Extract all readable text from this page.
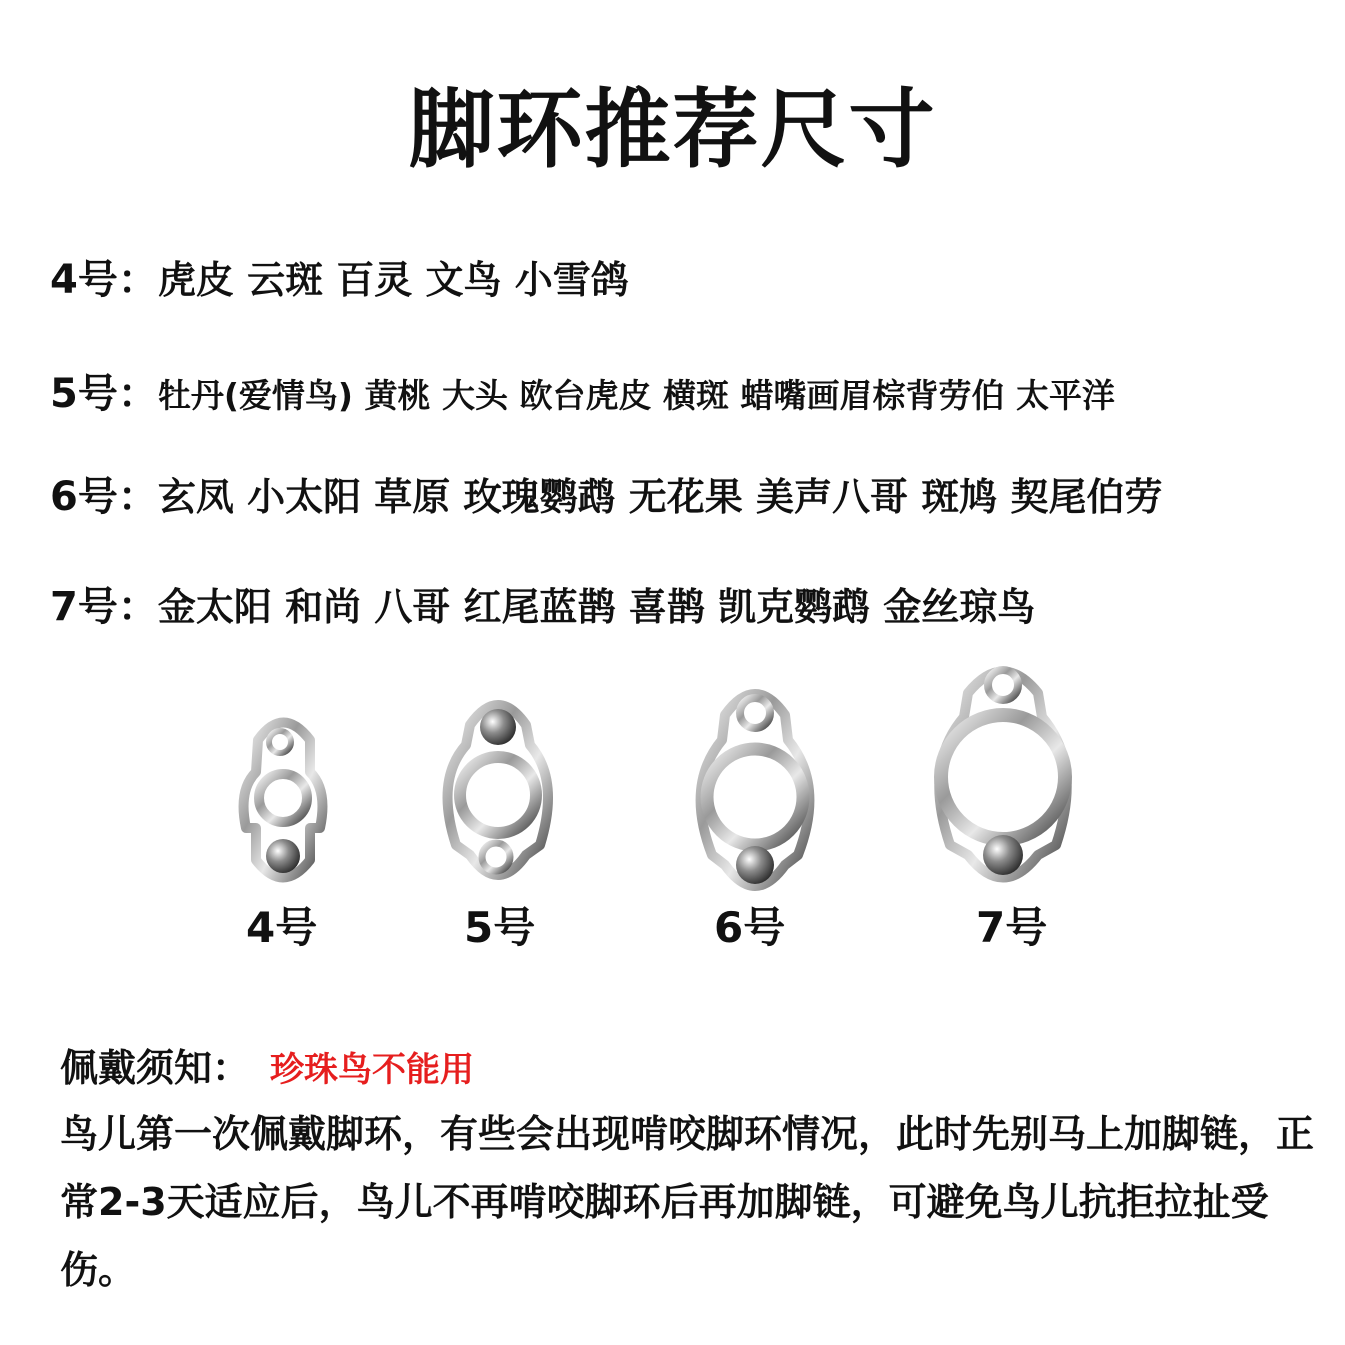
脚环推荐尺寸
4号：虎皮 云斑 百灵 文鸟 小雪鸽
5号：牡丹(爱情鸟) 黄桃 大头 欧台虎皮 横斑 蜡嘴画眉棕背劳伯 太平洋
6号：玄凤 小太阳 草原 玫瑰鹦鹉 无花果 美声八哥 斑鸠 契尾伯劳
7号：金太阳 和尚 八哥 红尾蓝鹊 喜鹊 凯克鹦鹉 金丝琼鸟
4号	5号	6号	7号
佩戴须知： 珍珠鸟不能用
鸟儿第一次佩戴脚环，有些会出现啃咬脚环情况，此时先别马上加脚链，正常2-3天适应后，鸟儿不再啃咬脚环后再加脚链，可避免鸟儿抗拒拉扯受伤。
